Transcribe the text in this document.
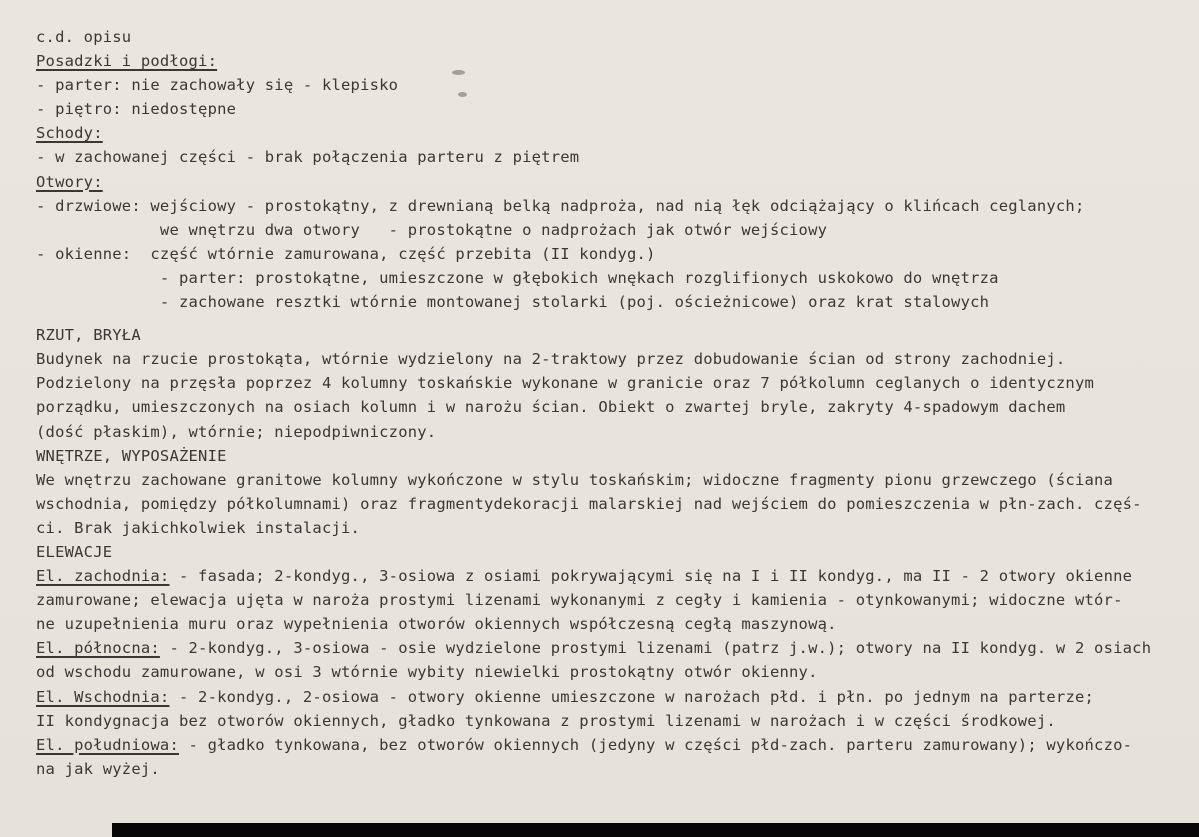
c.d. opisu
Posadzki i podłogi:
- parter: nie zachowały się - klepisko
- piętro: niedostępne
Schody:
- w zachowanej części - brak połączenia parteru z piętrem
Otwory:
- drzwiowe: wejściowy - prostokątny, z drewnianą belką nadproża, nad nią łęk odciążający o klińcach ceglanych;
we wnętrzu dwa otwory   - prostokątne o nadprożach jak otwór wejściowy
- okienne:  część wtórnie zamurowana, część przebita (II kondyg.)
- parter: prostokątne, umieszczone w głębokich wnękach rozglifionych uskokowo do wnętrza
- zachowane resztki wtórnie montowanej stolarki (poj. ościeżnicowe) oraz krat stalowych
RZUT, BRYŁA
Budynek na rzucie prostokąta, wtórnie wydzielony na 2-traktowy przez dobudowanie ścian od strony zachodniej.
Podzielony na przęsła poprzez 4 kolumny toskańskie wykonane w granicie oraz 7 półkolumn ceglanych o identycznym
porządku, umieszczonych na osiach kolumn i w narożu ścian. Obiekt o zwartej bryle, zakryty 4-spadowym dachem
(dość płaskim), wtórnie; niepodpiwniczony.
WNĘTRZE, WYPOSAŻENIE
We wnętrzu zachowane granitowe kolumny wykończone w stylu toskańskim; widoczne fragmenty pionu grzewczego (ściana
wschodnia, pomiędzy półkolumnami) oraz fragmentydekoracji malarskiej nad wejściem do pomieszczenia w płn-zach. częś-
ci. Brak jakichkolwiek instalacji.
ELEWACJE
El. zachodnia: - fasada; 2-kondyg., 3-osiowa z osiami pokrywającymi się na I i II kondyg., ma II - 2 otwory okienne
zamurowane; elewacja ujęta w naroża prostymi lizenami wykonanymi z cegły i kamienia - otynkowanymi; widoczne wtór-
ne uzupełnienia muru oraz wypełnienia otworów okiennych współczesną cegłą maszynową.
El. północna: - 2-kondyg., 3-osiowa - osie wydzielone prostymi lizenami (patrz j.w.); otwory na II kondyg. w 2 osiach
od wschodu zamurowane, w osi 3 wtórnie wybity niewielki prostokątny otwór okienny.
El. Wschodnia: - 2-kondyg., 2-osiowa - otwory okienne umieszczone w narożach płd. i płn. po jednym na parterze;
II kondygnacja bez otworów okiennych, gładko tynkowana z prostymi lizenami w narożach i w części środkowej.
El. południowa: - gładko tynkowana, bez otworów okiennych (jedyny w części płd-zach. parteru zamurowany); wykończo-
na jak wyżej.
